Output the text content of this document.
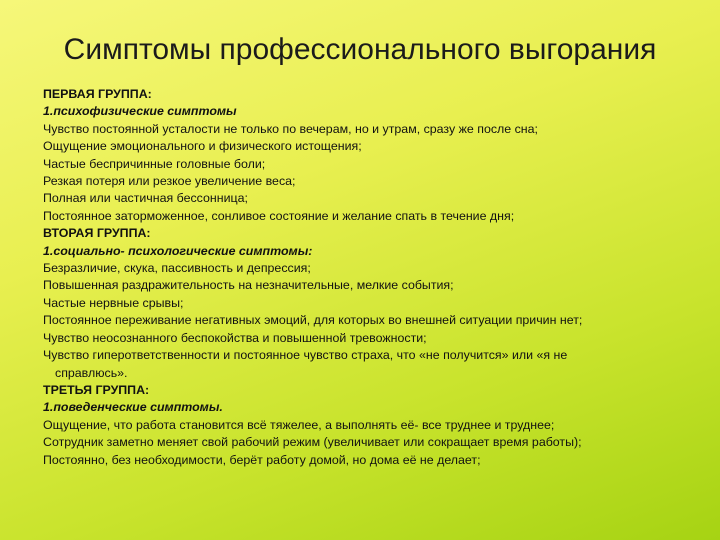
Симптомы профессионального выгорания
ПЕРВАЯ ГРУППА:
1.психофизические симптомы
Чувство постоянной усталости не только по вечерам, но и утрам, сразу же после сна;
Ощущение эмоционального и физического истощения;
Частые беспричинные головные боли;
Резкая потеря или резкое увеличение веса;
Полная или частичная бессонница;
Постоянное заторможенное, сонливое состояние и желание спать в течение дня;
ВТОРАЯ ГРУППА:
1.социально- психологические симптомы:
Безразличие, скука, пассивность и депрессия;
Повышенная раздражительность на незначительные, мелкие события;
Частые нервные срывы;
Постоянное переживание негативных эмоций, для которых во внешней ситуации причин нет;
Чувство неосознанного беспокойства и повышенной тревожности;
Чувство гиперответственности и постоянное чувство страха, что «не получится» или «я не
справлюсь».
ТРЕТЬЯ ГРУППА:
1.поведенческие симптомы.
Ощущение, что работа становится всё тяжелее, а выполнять её- все труднее и труднее;
Сотрудник заметно меняет свой рабочий режим (увеличивает или сокращает время работы);
Постоянно, без необходимости, берёт работу домой, но дома её не делает;
